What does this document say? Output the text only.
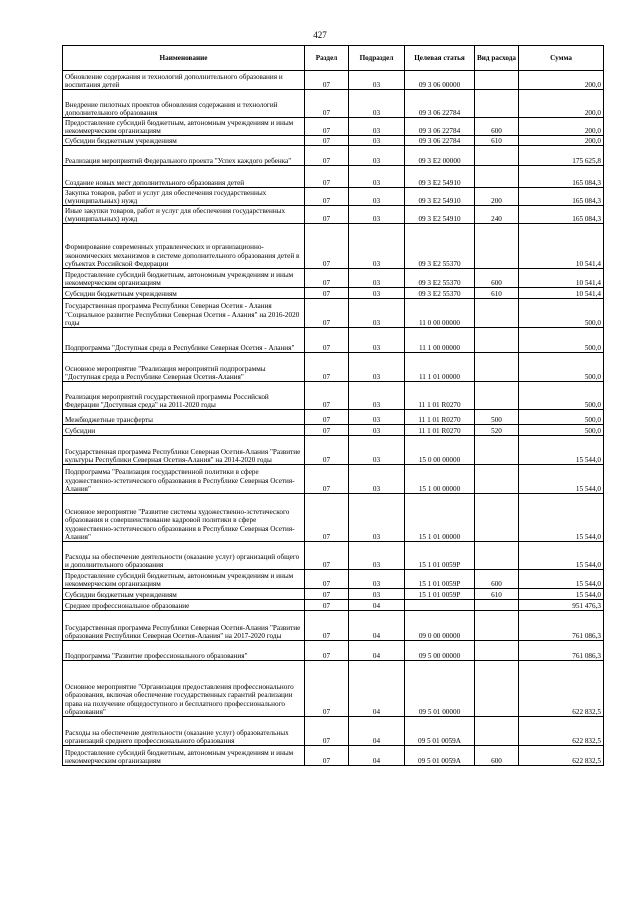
427
Наименование	Раздел	Подраздел	Целевая статья	Вид расхода	Сумма
Обновление содержания и технологий дополнительного образования и воспитания детей	07	03	09 3 06 00000		200,0
Внедрение пилотных проектов обновления содержания и технологий дополнительного образования	07	03	09 3 06 22784		200,0
Предоставление субсидий бюджетным, автономным учреждениям и иным некоммерческим организациям	07	03	09 3 06 22784	600	200,0
Субсидии бюджетным учреждениям	07	03	09 3 06 22784	610	200,0
Реализация мероприятий Федерального проекта "Успех каждого ребенка"	07	03	09 3 E2 00000		175 625,8
Создание новых мест дополнительного образования детей	07	03	09 3 E2 54910		165 084,3
Закупка товаров, работ и услуг для обеспечения государственных (муниципальных) нужд	07	03	09 3 E2 54910	200	165 084,3
Иные закупки товаров, работ и услуг для обеспечения государственных (муниципальных) нужд	07	03	09 3 E2 54910	240	165 084,3
Формирование современных управленческих и организационно-экономических механизмов в системе дополнительного образования детей в субъектах Российской Федерации	07	03	09 3 E2 55370		10 541,4
Предоставление субсидий бюджетным, автономным учреждениям и иным некоммерческим организациям	07	03	09 3 E2 55370	600	10 541,4
Субсидии бюджетным учреждениям	07	03	09 3 E2 55370	610	10 541,4
Государственная программа Республики Северная Осетия - Алания "Социальное развитие Республики Северная Осетия - Алания" на 2016-2020 годы	07	03	11 0 00 00000		500,0
Подпрограмма "Доступная среда в Республике Северная Осетия - Алания"	07	03	11 1 00 00000		500,0
Основное мероприятие "Реализация мероприятий подпрограммы "Доступная среда в Республике Северная Осетия-Алания"	07	03	11 1 01 00000		500,0
Реализация мероприятий государственной программы Российской Федерации "Доступная среда" на 2011-2020 годы	07	03	11 1 01 R0270		500,0
Межбюджетные трансферты	07	03	11 1 01 R0270	500	500,0
Субсидии	07	03	11 1 01 R0270	520	500,0
Государственная программа Республики Северная Осетия-Алания "Развитие культуры Республики Северная Осетия-Алания" на 2014-2020 годы	07	03	15 0 00 00000		15 544,0
Подпрограмма "Реализация государственной политики в сфере художественно-эстетического образования в Республике Северная Осетия-Алания"	07	03	15 1 00 00000		15 544,0
Основное мероприятие "Развитие системы художественно-эстетического образования и совершенствование кадровой политики в сфере художественно-эстетического образования в Республике Северная Осетия-Алания"	07	03	15 1 01 00000		15 544,0
Расходы на обеспечение деятельности (оказание услуг) организаций общего и дополнительного образования	07	03	15 1 01 0059P		15 544,0
Предоставление субсидий бюджетным, автономным учреждениям и иным некоммерческим организациям	07	03	15 1 01 0059P	600	15 544,0
Субсидии бюджетным учреждениям	07	03	15 1 01 0059P	610	15 544,0
Среднее профессиональное образование	07	04			951 476,3
Государственная программа Республики Северная Осетия-Алания "Развитие образования Республики Северная Осетия-Алания" на 2017-2020 годы	07	04	09 0 00 00000		761 086,3
Подпрограмма "Развитие профессионального образования"	07	04	09 5 00 00000		761 086,3
Основное мероприятие "Организация предоставления профессионального образования, включая обеспечение государственных гарантий реализации права на получение общедоступного и бесплатного профессионального образования"	07	04	09 5 01 00000		622 832,5
Расходы на обеспечение деятельности (оказание услуг) образовательных организаций среднего профессионального образования	07	04	09 5 01 0059A		622 832,5
Предоставление субсидий бюджетным, автономным учреждениям и иным некоммерческим организациям	07	04	09 5 01 0059A	600	622 832,5
